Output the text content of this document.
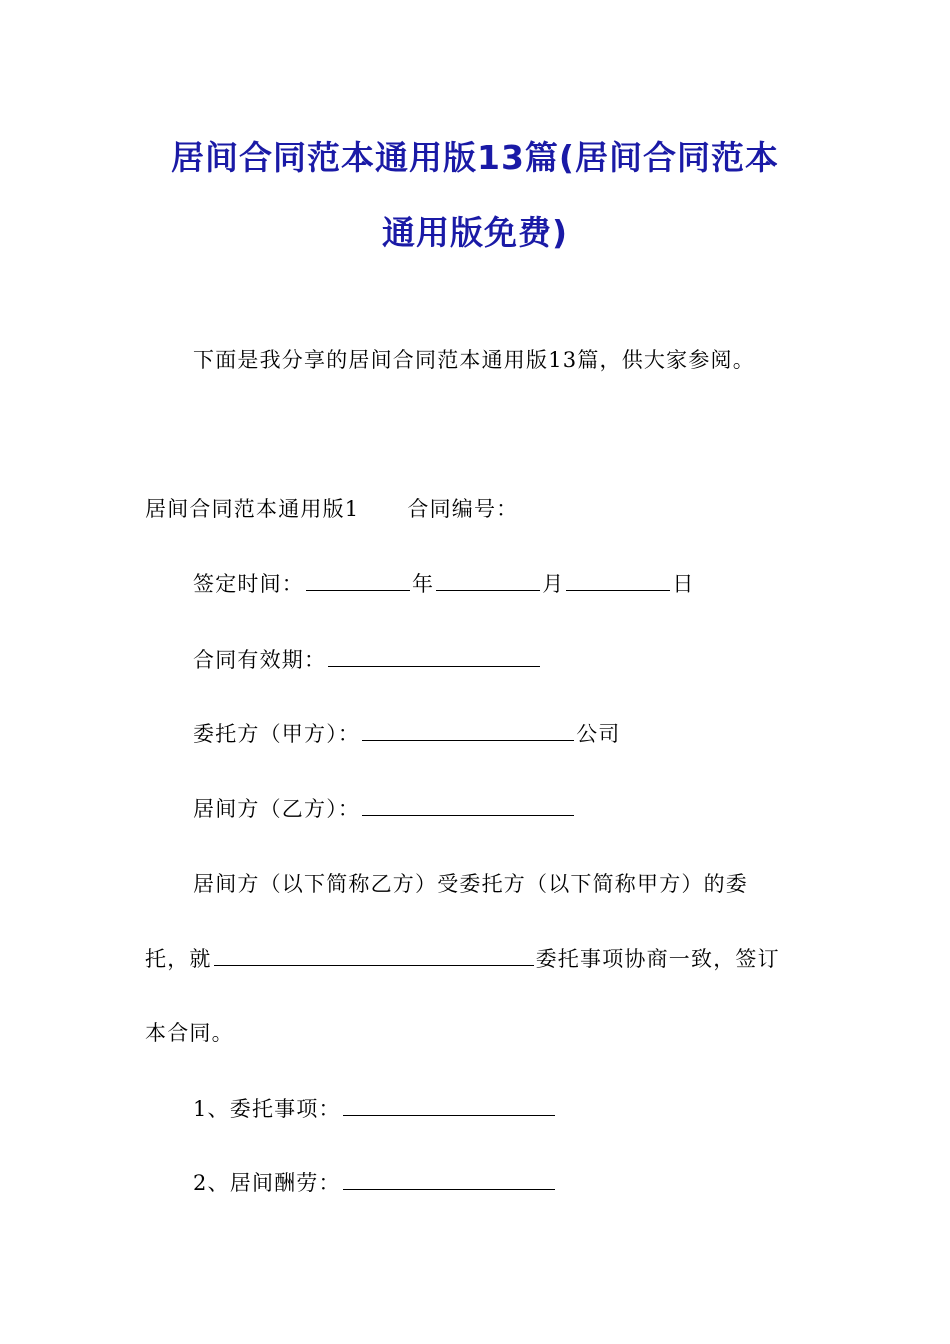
居间合同范本通用版13篇(居间合同范本
通用版免费)
下面是我分享的居间合同范本通用版13篇，供大家参阅。
居间合同范本通用版1 合同编号：
签定时间：	年	月	日
合同有效期：
委托方（甲方）：	公司
居间方（乙方）：
居间方（以下简称乙方）受委托方（以下简称甲方）的委
托，就	委托事项协商一致，签订
本合同。
1、委托事项：
2、居间酬劳：
